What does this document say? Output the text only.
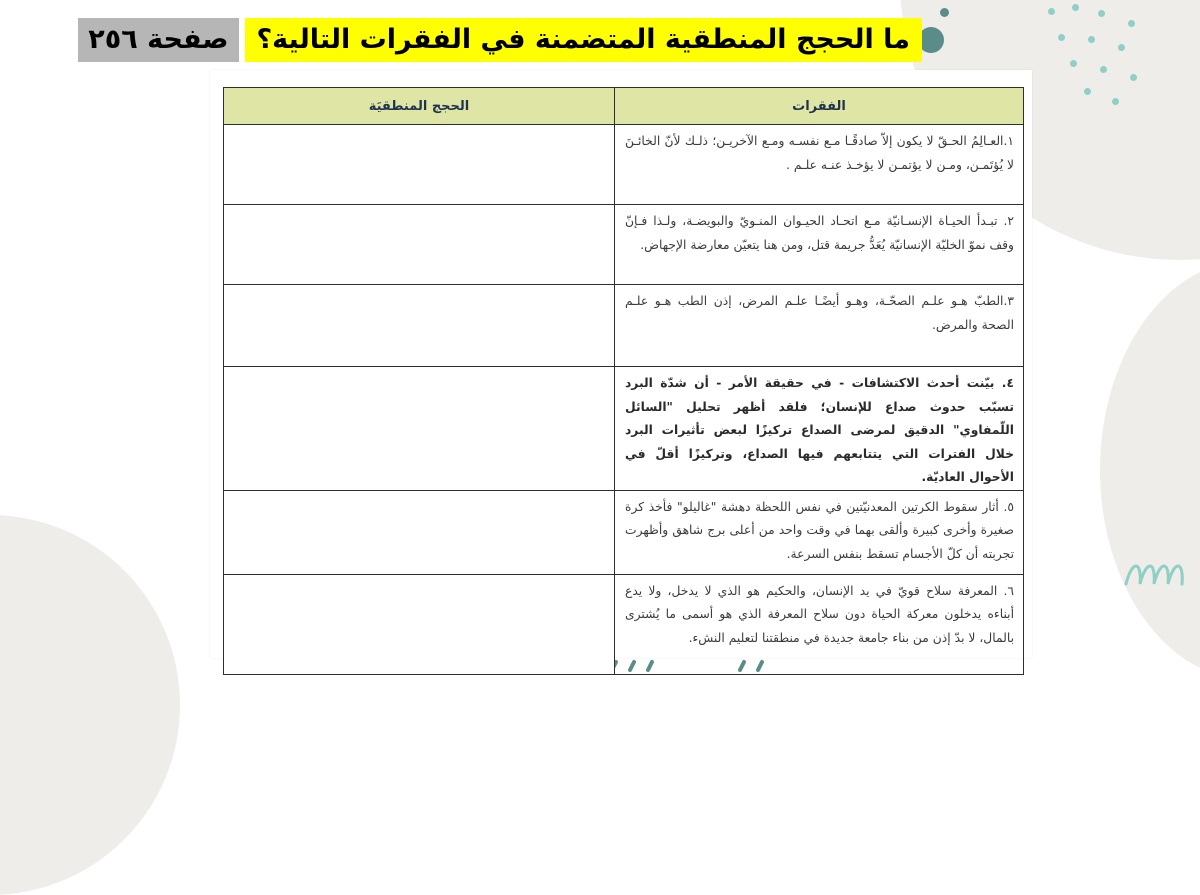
ما الحجج المنطقية المتضمنة في الفقرات التالية؟
صفحة ٢٥٦
الفقرات	الحجج المنطقيَة
١.العـالِمُ الحـقّ لا يكون إلاّ صادقًـا مـع نفسـه ومـع الآخريـن؛ ذلـك لأنّ الخائـنَ لا يُؤتَمـن، ومـن لا يؤتمـن لا يؤخـذ عنـه علـم .	
٢. تبـدأ الحيـاة الإنسـانيّة مـع اتحـاد الحيـوان المنـويّ والبويضـة، ولـذا فـإنّ وقف نموّ الخليّة الإنسانيّة يُعَدُّ جريمة قتل، ومن هنا يتعيّن معارضة الإجهاض.	
٣.الطبّ هـو علـم الصحّـة، وهـو أيضًـا علـم المرض، إذن الطب هـو علـم الصحة والمرض.	
٤. بيّنت أحدث الاكتشافات - في حقيقة الأمر - أن شدّة البرد تسبّب حدوث صداع للإنسان؛ فلقد أظهر تحليل "السائل اللّمفاوي" الدقيق لمرضى الصداع تركيزًا لبعض تأثيرات البرد خلال الفترات التي يتتابعهم فيها الصداع، وتركيزًا أقلّ في الأحوال العاديّة.	
٥. أثار سقوط الكرتين المعدنيّتين في نفس اللحظة دهشة "غاليلو" فأخذ كرة صغيرة وأخرى كبيرة وألقى بهما في وقت واحد من أعلى برج شاهق وأظهرت تجربته أن كلّ الأجسام تسقط بنفس السرعة.	
٦. المعرفة سلاح قويّ في يد الإنسان، والحكيم هو الذي لا يدخل، ولا يدع أبناءه يدخلون معركة الحياة دون سلاح المعرفة الذي هو أسمى ما يُشترى بالمال، لا بدّ إذن من بناء جامعة جديدة في منطقتنا لتعليم النشء.	
